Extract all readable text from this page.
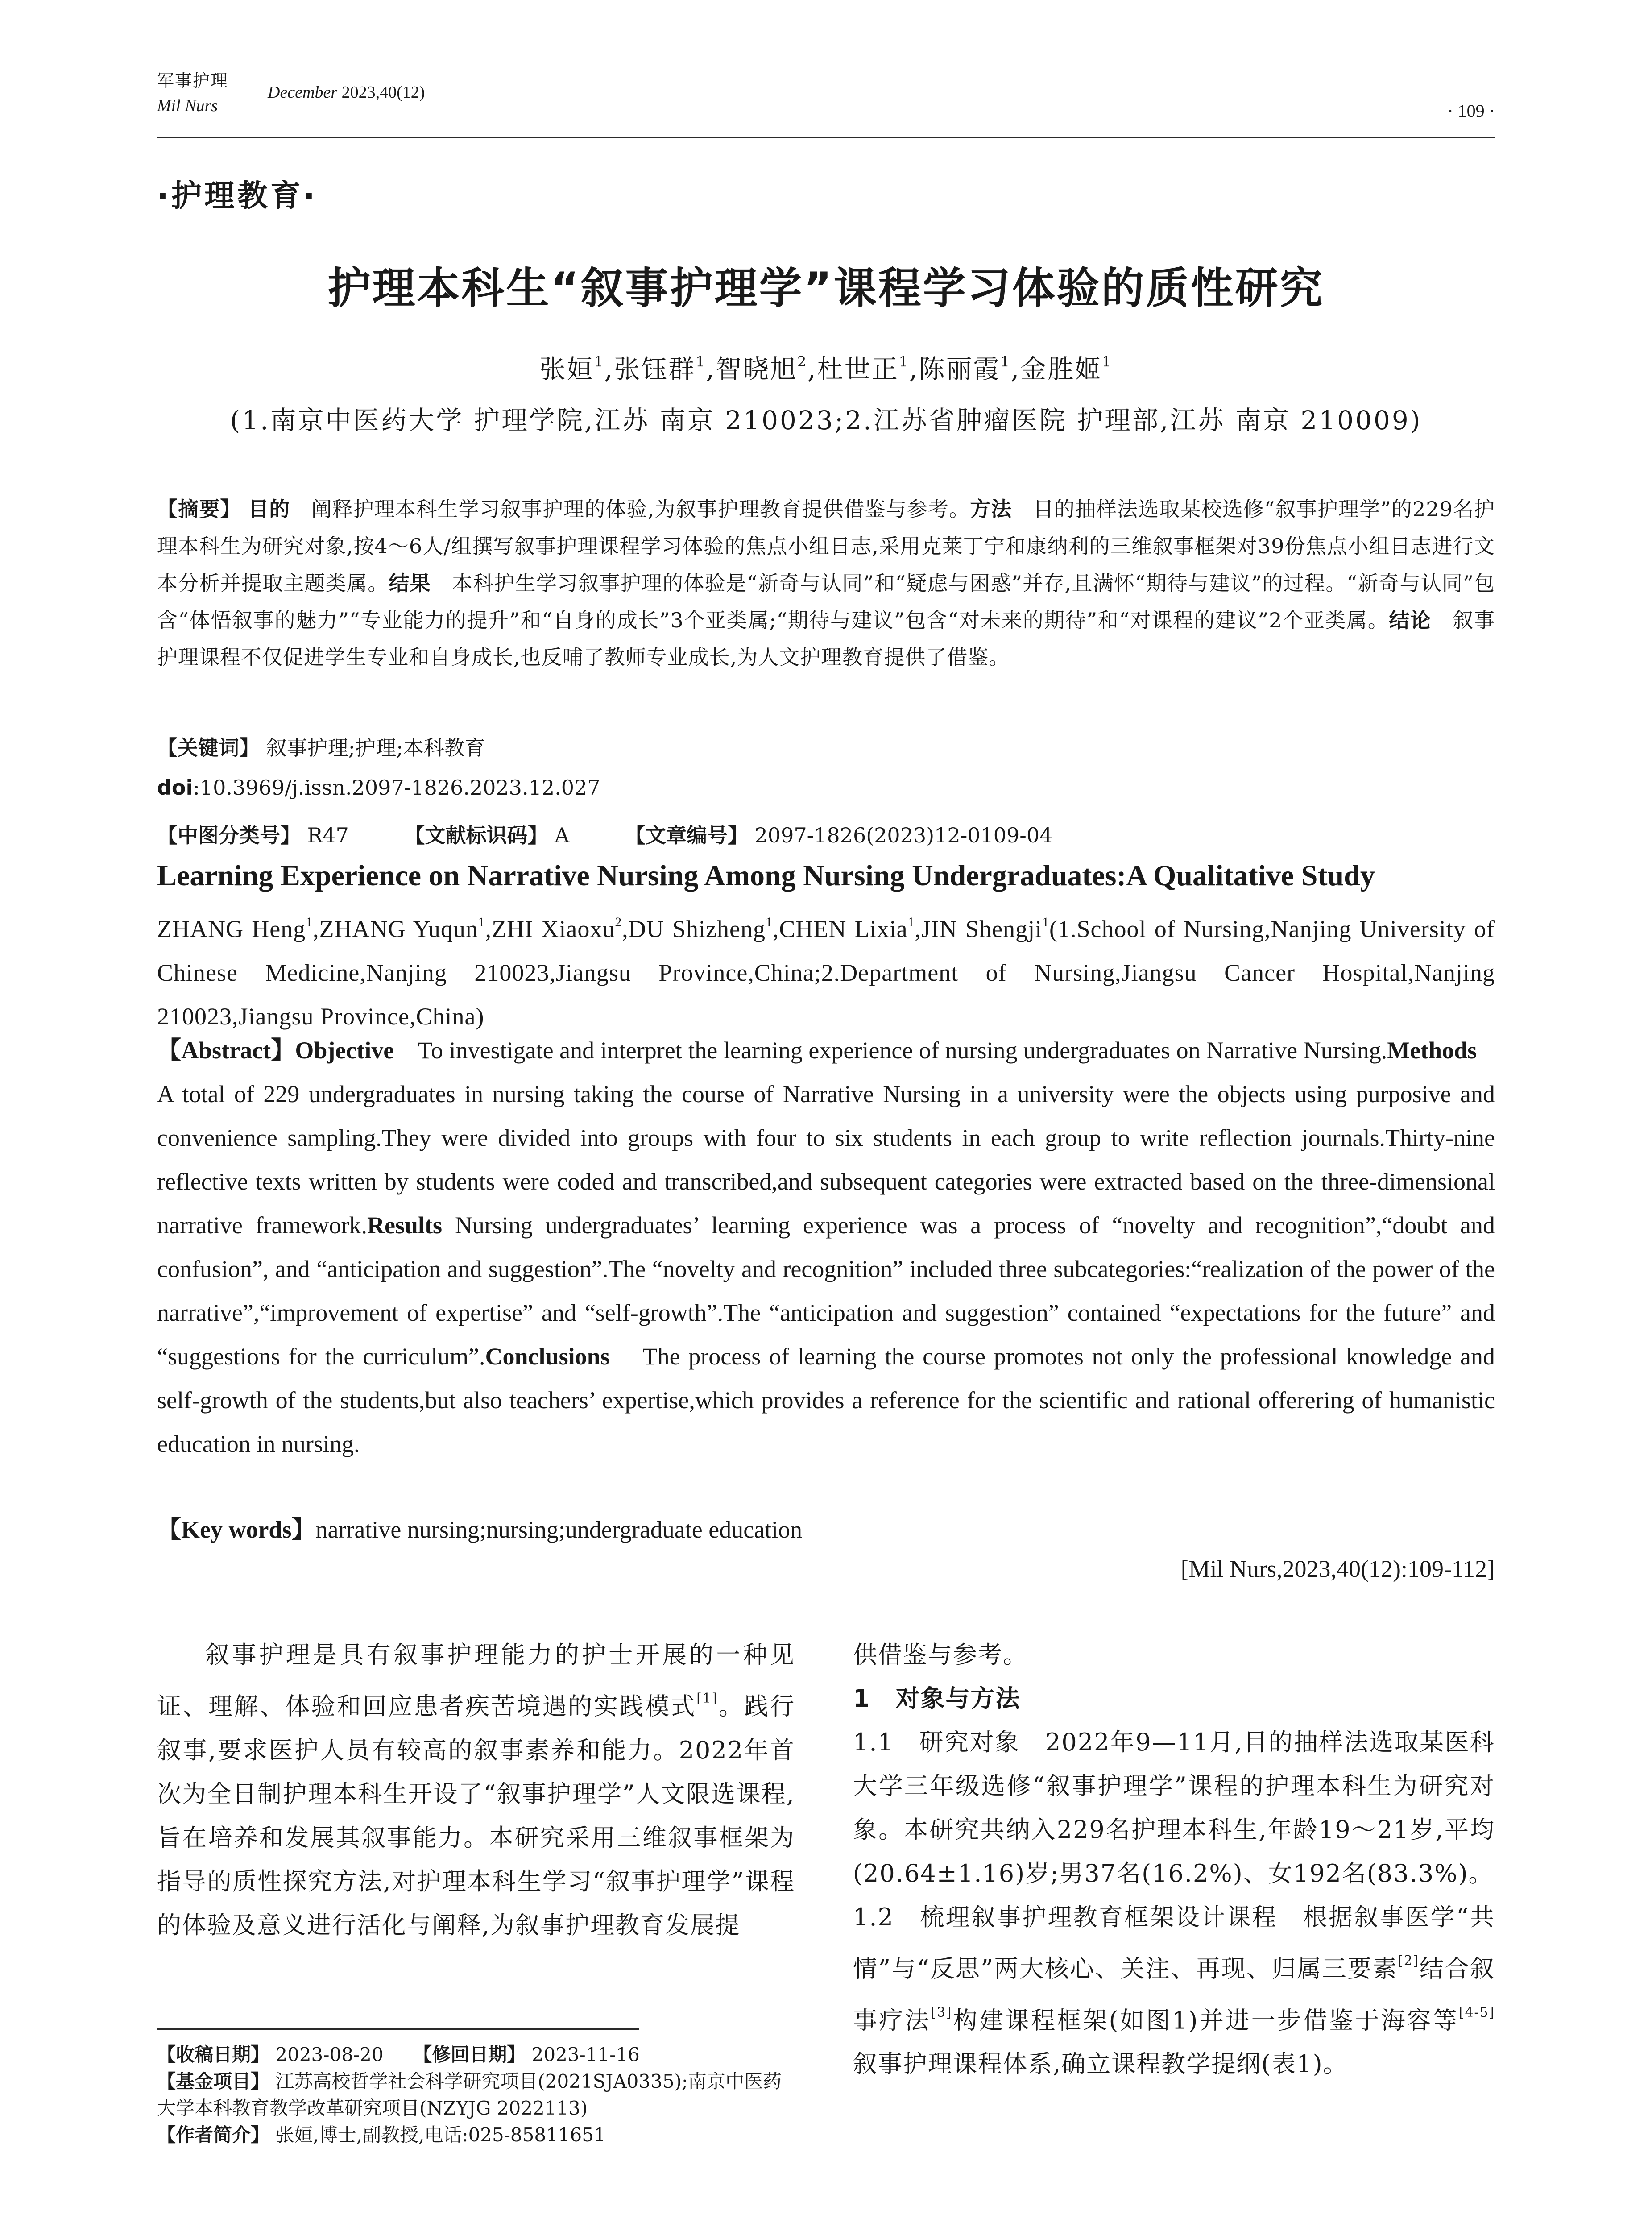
军事护理
Mil Nurs
December 2023,40(12)
· 109 ·
·护理教育·
护理本科生“叙事护理学”课程学习体验的质性研究
张姮$^1$,张钰群$^1$,智晓旭$^2$,杜世正$^1$,陈丽霞$^1$,金胜姬$^1$
(1.南京中医药大学 护理学院,江苏 南京 210023;2.江苏省肿瘤医院 护理部,江苏 南京 210009)
【摘要】 目的　 阐释护理本科生学习叙事护理的体验,为叙事护理教育提供借鉴与参考。方法　 目的抽样法选取某校选修“叙事护理学”的229名护理本科生为研究对象,按4～6人/组撰写叙事护理课程学习体验的焦点小组日志,采用克莱丁宁和康纳利的三维叙事框架对39份焦点小组日志进行文本分析并提取主题类属。结果　 本科护生学习叙事护理的体验是“新奇与认同”和“疑虑与困惑”并存,且满怀“期待与建议”的过程。“新奇与认同”包含“体悟叙事的魅力”“专业能力的提升”和“自身的成长”3个亚类属;“期待与建议”包含“对未来的期待”和“对课程的建议”2个亚类属。结论　 叙事护理课程不仅促进学生专业和自身成长,也反哺了教师专业成长,为人文护理教育提供了借鉴。
【关键词】 叙事护理;护理;本科教育
doi:10.3969/j.issn.2097-1826.2023.12.027
【中图分类号】 R47	【文献标识码】 A	【文章编号】 2097-1826(2023)12-0109-04
Learning Experience on Narrative Nursing Among Nursing Undergraduates:A Qualitative Study
ZHANG Heng$^1$,ZHANG Yuqun$^1$,ZHI Xiaoxu$^2$,DU Shizheng$^1$,CHEN Lixia$^1$,JIN Shengji$^1$(1.School of Nursing,Nanjing University of Chinese Medicine,Nanjing 210023,Jiangsu Province,China;2.Department of Nursing,Jiangsu Cancer Hospital,Nanjing 210023,Jiangsu Province,China)
【Abstract】Objective To investigate and interpret the learning experience of nursing undergraduates on Narrative Nursing.Methods    A total of 229 undergraduates in nursing taking the course of Narrative Nursing in a university were the objects using purposive and convenience sampling.They were divided into groups with four to six students in each group to write reflection journals.Thirty-nine reflective texts written by students were coded and transcribed,and subsequent categories were extracted based on the three-dimensional narrative framework.Results Nursing undergraduates’ learning experience was a process of “novelty and recognition”,“doubt and confusion”, and “anticipation and suggestion”.The “novelty and recognition” included three subcategories:“realization of the power of the narrative”,“improvement of expertise” and “self-growth”.The “anticipation and suggestion” contained “expectations for the future” and “suggestions for the curriculum”.Conclusions The process of learning the course promotes not only the professional knowledge and self-growth of the students,but also teachers’ expertise,which provides a reference for the scientific and rational offerering of humanistic education in nursing.
【Key words】narrative nursing;nursing;undergraduate education
[Mil Nurs,2023,40(12):109-112]

叙事护理是具有叙事护理能力的护士开展的一种见证、理解、体验和回应患者疾苦境遇的实践模式[1]。践行叙事,要求医护人员有较高的叙事素养和能力。2022年首次为全日制护理本科生开设了“叙事护理学”人文限选课程,旨在培养和发展其叙事能力。本研究采用三维叙事框架为指导的质性探究方法,对护理本科生学习“叙事护理学”课程的体验及意义进行活化与阐释,为叙事护理教育发展提

供借鉴与参考。

1　对象与方法

1.1　研究对象　2022年9—11月,目的抽样法选取某医科大学三年级选修“叙事护理学”课程的护理本科生为研究对象。本研究共纳入229名护理本科生,年龄19～21岁,平均(20.64±1.16)岁;男37名(16.2%)、女192名(83.3%)。

1.2　梳理叙事护理教育框架设计课程　根据叙事医学“共情”与“反思”两大核心、关注、再现、归属三要素[2]结合叙事疗法[3]构建课程框架(如图1)并进一步借鉴于海容等[4-5]叙事护理课程体系,确立课程教学提纲(表1)。

【收稿日期】 2023-08-20 【修回日期】 2023-11-16
【基金项目】 江苏高校哲学社会科学研究项目(2021SJA0335);南京中医药大学本科教育教学改革研究项目(NZYJG 2022113)
【作者简介】 张姮,博士,副教授,电话:025-85811651
